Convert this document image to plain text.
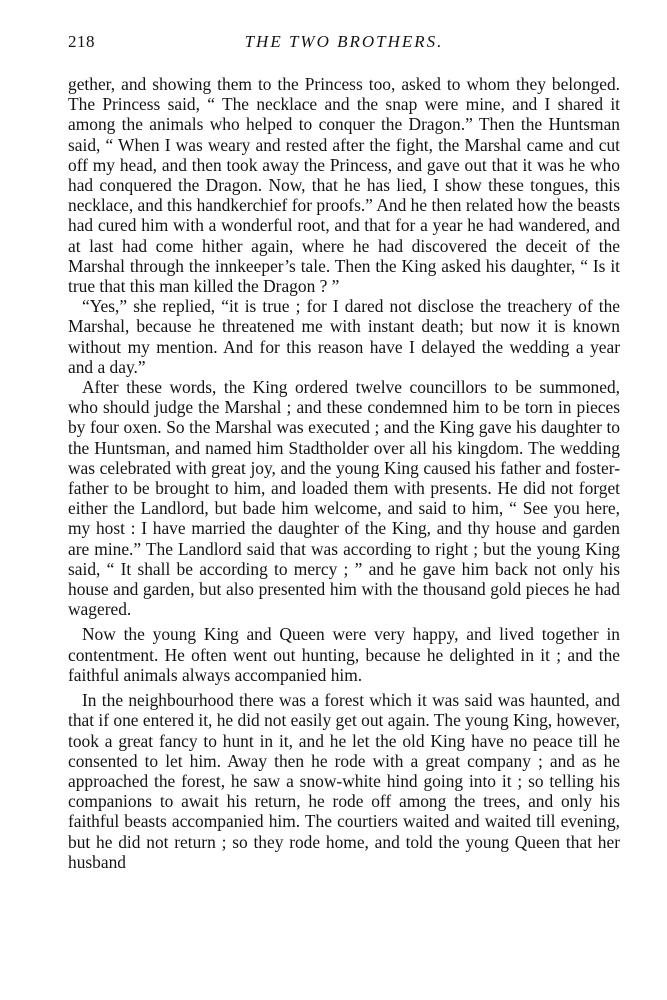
218	THE TWO BROTHERS.

gether, and showing them to the Princess too, asked to whom they belonged. The Princess said, “ The necklace and the snap were mine, and I shared it among the animals who helped to conquer the Dragon.” Then the Huntsman said, “ When I was weary and rested after the fight, the Marshal came and cut off my head, and then took away the Princess, and gave out that it was he who had conquered the Dragon. Now, that he has lied, I show these tongues, this necklace, and this handkerchief for proofs.” And he then related how the beasts had cured him with a wonderful root, and that for a year he had wandered, and at last had come hither again, where he had discovered the deceit of the Marshal through the innkeeper’s tale. Then the King asked his daughter, “ Is it true that this man killed the Dragon ? ”

“Yes,” she replied, “it is true ; for I dared not disclose the treachery of the Marshal, because he threatened me with instant death; but now it is known without my mention. And for this reason have I delayed the wedding a year and a day.”

After these words, the King ordered twelve councillors to be summoned, who should judge the Marshal ; and these condemned him to be torn in pieces by four oxen. So the Marshal was executed ; and the King gave his daughter to the Huntsman, and named him Stadtholder over all his kingdom. The wedding was celebrated with great joy, and the young King caused his father and foster-father to be brought to him, and loaded them with presents. He did not forget either the Landlord, but bade him welcome, and said to him, “ See you here, my host : I have married the daughter of the King, and thy house and garden are mine.” The Landlord said that was according to right ; but the young King said, “ It shall be according to mercy ; ” and he gave him back not only his house and garden, but also presented him with the thousand gold pieces he had wagered.

Now the young King and Queen were very happy, and lived together in contentment. He often went out hunting, because he delighted in it ; and the faithful animals always accompanied him.

In the neighbourhood there was a forest which it was said was haunted, and that if one entered it, he did not easily get out again. The young King, however, took a great fancy to hunt in it, and he let the old King have no peace till he consented to let him. Away then he rode with a great company ; and as he approached the forest, he saw a snow-white hind going into it ; so telling his companions to await his return, he rode off among the trees, and only his faithful beasts accompanied him. The courtiers waited and waited till evening, but he did not return ; so they rode home, and told the young Queen that her husband
